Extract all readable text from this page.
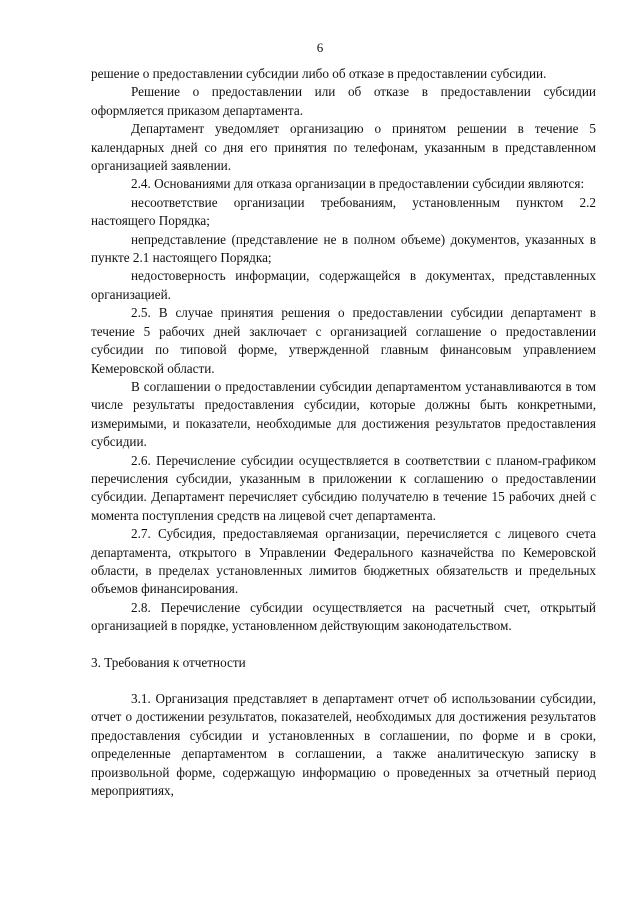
6

решение о предоставлении субсидии либо об отказе в предоставлении субсидии.

Решение о предоставлении или об отказе в предоставлении субсидии оформляется приказом департамента.

Департамент уведомляет организацию о принятом решении в течение 5 календарных дней со дня его принятия по телефонам, указанным в представленном организацией заявлении.

2.4. Основаниями для отказа организации в предоставлении субсидии являются:

несоответствие организации требованиям, установленным пунктом 2.2 настоящего Порядка;

непредставление (представление не в полном объеме) документов, указанных в пункте 2.1 настоящего Порядка;

недостоверность информации, содержащейся в документах, представленных организацией.

2.5. В случае принятия решения о предоставлении субсидии департамент в течение 5 рабочих дней заключает с организацией соглашение о предоставлении субсидии по типовой форме, утвержденной главным финансовым управлением Кемеровской области.

В соглашении о предоставлении субсидии департаментом устанавливаются в том числе результаты предоставления субсидии, которые должны быть конкретными, измеримыми, и показатели, необходимые для достижения результатов предоставления субсидии.

2.6. Перечисление субсидии осуществляется в соответствии с планом-графиком перечисления субсидии, указанным в приложении к соглашению о предоставлении субсидии. Департамент перечисляет субсидию получателю в течение 15 рабочих дней с момента поступления средств на лицевой счет департамента.

2.7. Субсидия, предоставляемая организации, перечисляется с лицевого счета департамента, открытого в Управлении Федерального казначейства по Кемеровской области, в пределах установленных лимитов бюджетных обязательств и предельных объемов финансирования.

2.8. Перечисление субсидии осуществляется на расчетный счет, открытый организацией в порядке, установленном действующим законодательством.

3. Требования к отчетности

3.1. Организация представляет в департамент отчет об использовании субсидии, отчет о достижении результатов, показателей, необходимых для достижения результатов предоставления субсидии и установленных в соглашении, по форме и в сроки, определенные департаментом в соглашении, а также аналитическую записку в произвольной форме, содержащую информацию о проведенных за отчетный период мероприятиях,
